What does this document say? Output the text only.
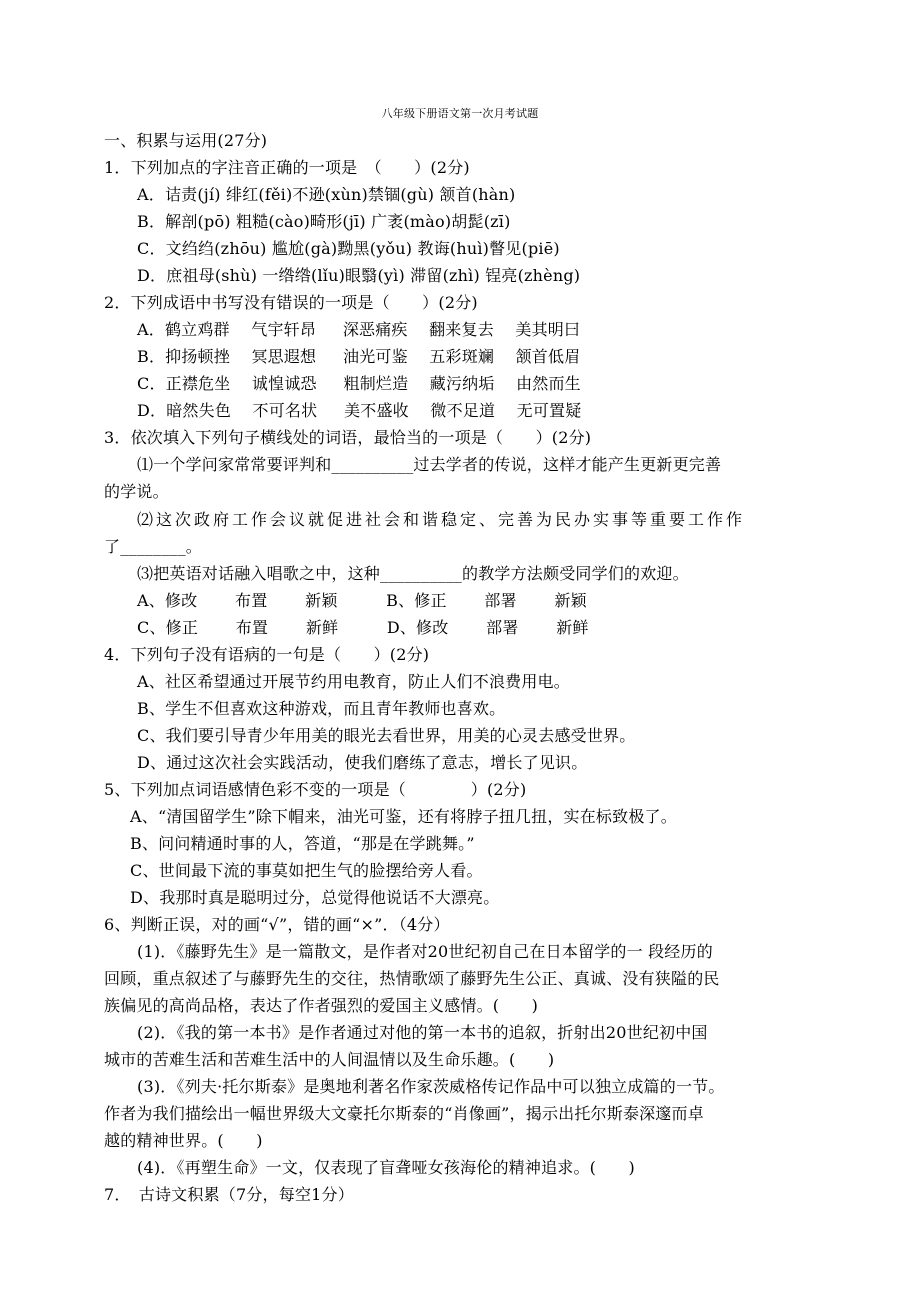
八年级下册语文第一次月考试题
一、积累与运用(27分)
1．下列加点的字注音正确的一项是　（　　）(2分)
A．诘责(jí) 绯红(fěi)不逊(xùn)禁锢(gù) 颔首(hàn)
B．解剖(pō) 粗糙(cào)畸形(jī) 广袤(mào)胡髭(zī)
C．文绉绉(zhōu) 尴尬(gà)黝黑(yǒu) 教诲(huì)瞥见(piē)
D．庶祖母(shù) 一绺绺(lǐu)眼翳(yì) 滞留(zhì) 锃亮(zhèng)
2．下列成语中书写没有错误的一项是（　　）(2分)
A．鹤立鸡群　 气宇轩昂 　 深恶痛疾　 翻来复去 　美其明曰
B．抑扬顿挫　 冥思遐想 　 油光可鉴　 五彩斑斓 　颔首低眉
C．正襟危坐　 诚惶诚恐 　 粗制烂造　 藏污纳垢 　由然而生
D．暗然失色　 不可名状 　 美不盛收　 微不足道 　无可置疑
3．依次填入下列句子横线处的词语，最恰当的一项是（　　）(2分)
⑴一个学问家常常要评判和__________过去学者的传说，这样才能产生更新更完善
的学说。
⑵这次政府工作会议就促进社会和谐稳定、完善为民办实事等重要工作作
了________。
⑶把英语对话融入唱歌之中，这种__________的教学方法颇受同学们的欢迎。
A、修改　　 布置　　 新颖　　　B、修正　　 部署　　 新颖
C、修正　　 布置　　 新鲜　　　D、修改　　 部署　　 新鲜
4．下列句子没有语病的一句是（　　）(2分)
A、社区希望通过开展节约用电教育，防止人们不浪费用电。
B、学生不但喜欢这种游戏，而且青年教师也喜欢。
C、我们要引导青少年用美的眼光去看世界，用美的心灵去感受世界。
D、通过这次社会实践活动，使我们磨练了意志，增长了见识。
5、下列加点词语感情色彩不变的一项是（　　　　）(2分)
A、“清国留学生”除下帽来，油光可鉴，还有将脖子扭几扭，实在标致极了。
B、问问精通时事的人，答道，“那是在学跳舞。”
C、世间最下流的事莫如把生气的脸摆给旁人看。
D、我那时真是聪明过分，总觉得他说话不大漂亮。
6、判断正误，对的画“√”，错的画“×”．（4分）
(1)．《藤野先生》是一篇散文，是作者对20世纪初自己在日本留学的一 段经历的
回顾，重点叙述了与藤野先生的交往，热情歌颂了藤野先生公正、真诚、没有狭隘的民
族偏见的高尚品格，表达了作者强烈的爱国主义感情。(　　)
(2)．《我的第一本书》是作者通过对他的第一本书的追叙，折射出20世纪初中国
城市的苦难生活和苦难生活中的人间温情以及生命乐趣。(　　)
(3)．《列夫·托尔斯泰》是奥地利著名作家茨威格传记作品中可以独立成篇的一节。
作者为我们描绘出一幅世界级大文豪托尔斯泰的“肖像画”，揭示出托尔斯泰深邃而卓
越的精神世界。(　　)
(4)．《再塑生命》一文，仅表现了盲聋哑女孩海伦的精神追求。(　　)
7．　古诗文积累（7分，每空1分）
